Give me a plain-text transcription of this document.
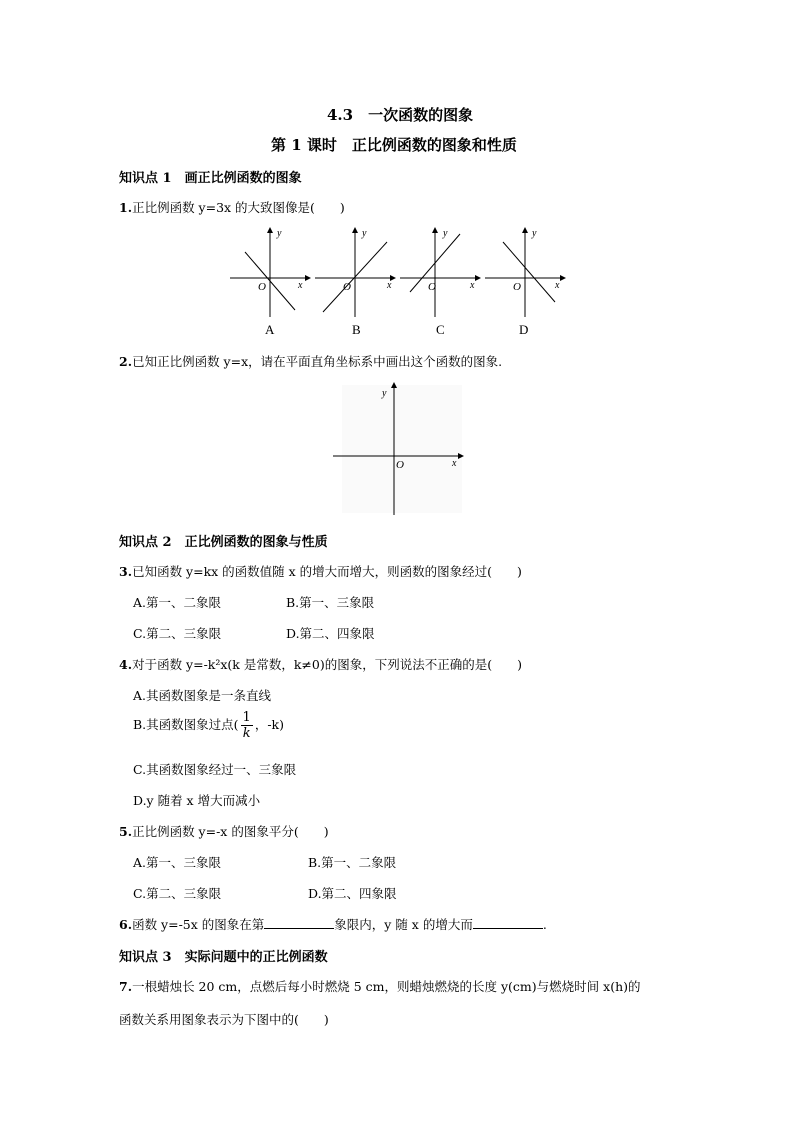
4.3　一次函数的图象
第 1 课时　正比例函数的图象和性质
知识点 1　画正比例函数的图象
1.正比例函数 y=3x 的大致图像是(　　)
y
x
O
A
y
x
O
B
y
x
O
C
y
x
O
D
2.已知正比例函数 y=x，请在平面直角坐标系中画出这个函数的图象.
y
x
O
知识点 2　正比例函数的图象与性质
3.已知函数 y=kx 的函数值随 x 的增大而增大，则函数的图象经过(　　)
A.第一、二象限	B.第一、三象限
C.第二、三象限	D.第二、四象限
4.对于函数 y=-k²x(k 是常数，k≠0)的图象，下列说法不正确的是(　　)
A.其函数图象是一条直线
B.其函数图象过点( $\frac{1}{k}$ ，-k)
C.其函数图象经过一、三象限
D.y 随着 x 增大而减小
5.正比例函数 y=-x 的图象平分(　　)
A.第一、三象限	B.第一、二象限
C.第二、三象限	D.第二、四象限
6.函数 y=-5x 的图象在第	象限内，y 随 x 的增大而	.
知识点 3　实际问题中的正比例函数
7.一根蜡烛长 20 cm，点燃后每小时燃烧 5 cm，则蜡烛燃烧的长度 y(cm)与燃烧时间 x(h)的
函数关系用图象表示为下图中的(　　)
